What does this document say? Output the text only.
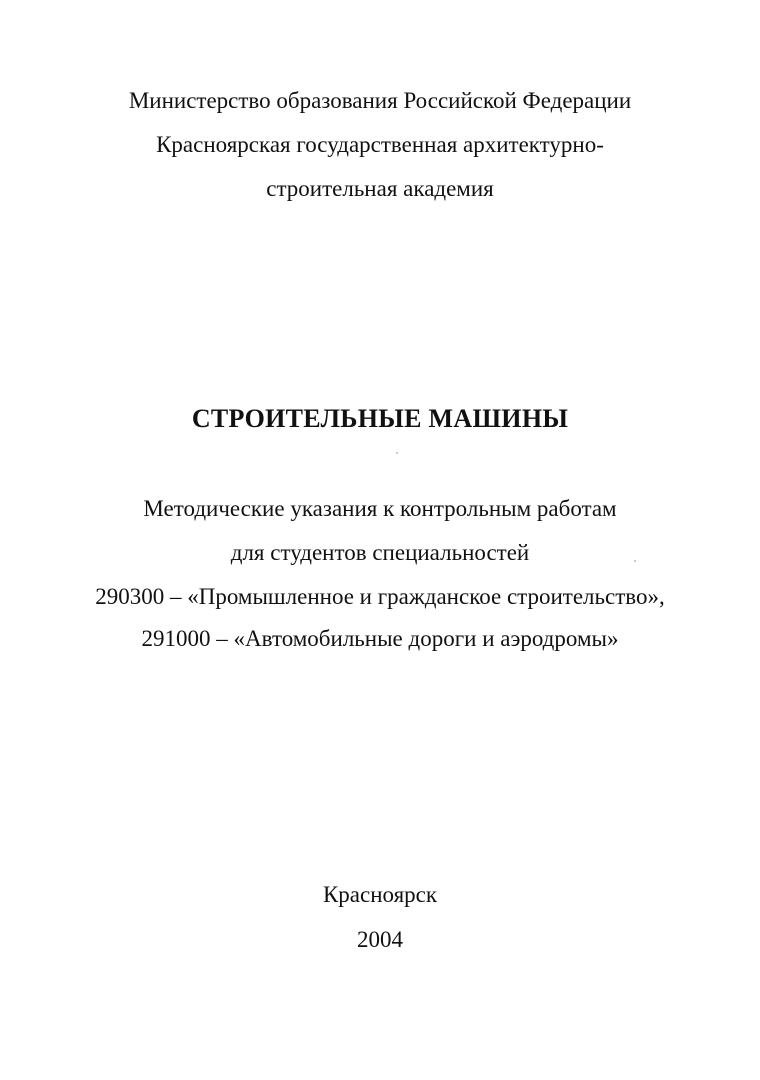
Министерство образования Российской Федерации
Красноярская государственная архитектурно-
строительная академия
СТРОИТЕЛЬНЫЕ МАШИНЫ
Методические указания к контрольным работам
для студентов специальностей
290300 – «Промышленное и гражданское строительство»,
291000 – «Автомобильные дороги и аэродромы»
Красноярск
2004
